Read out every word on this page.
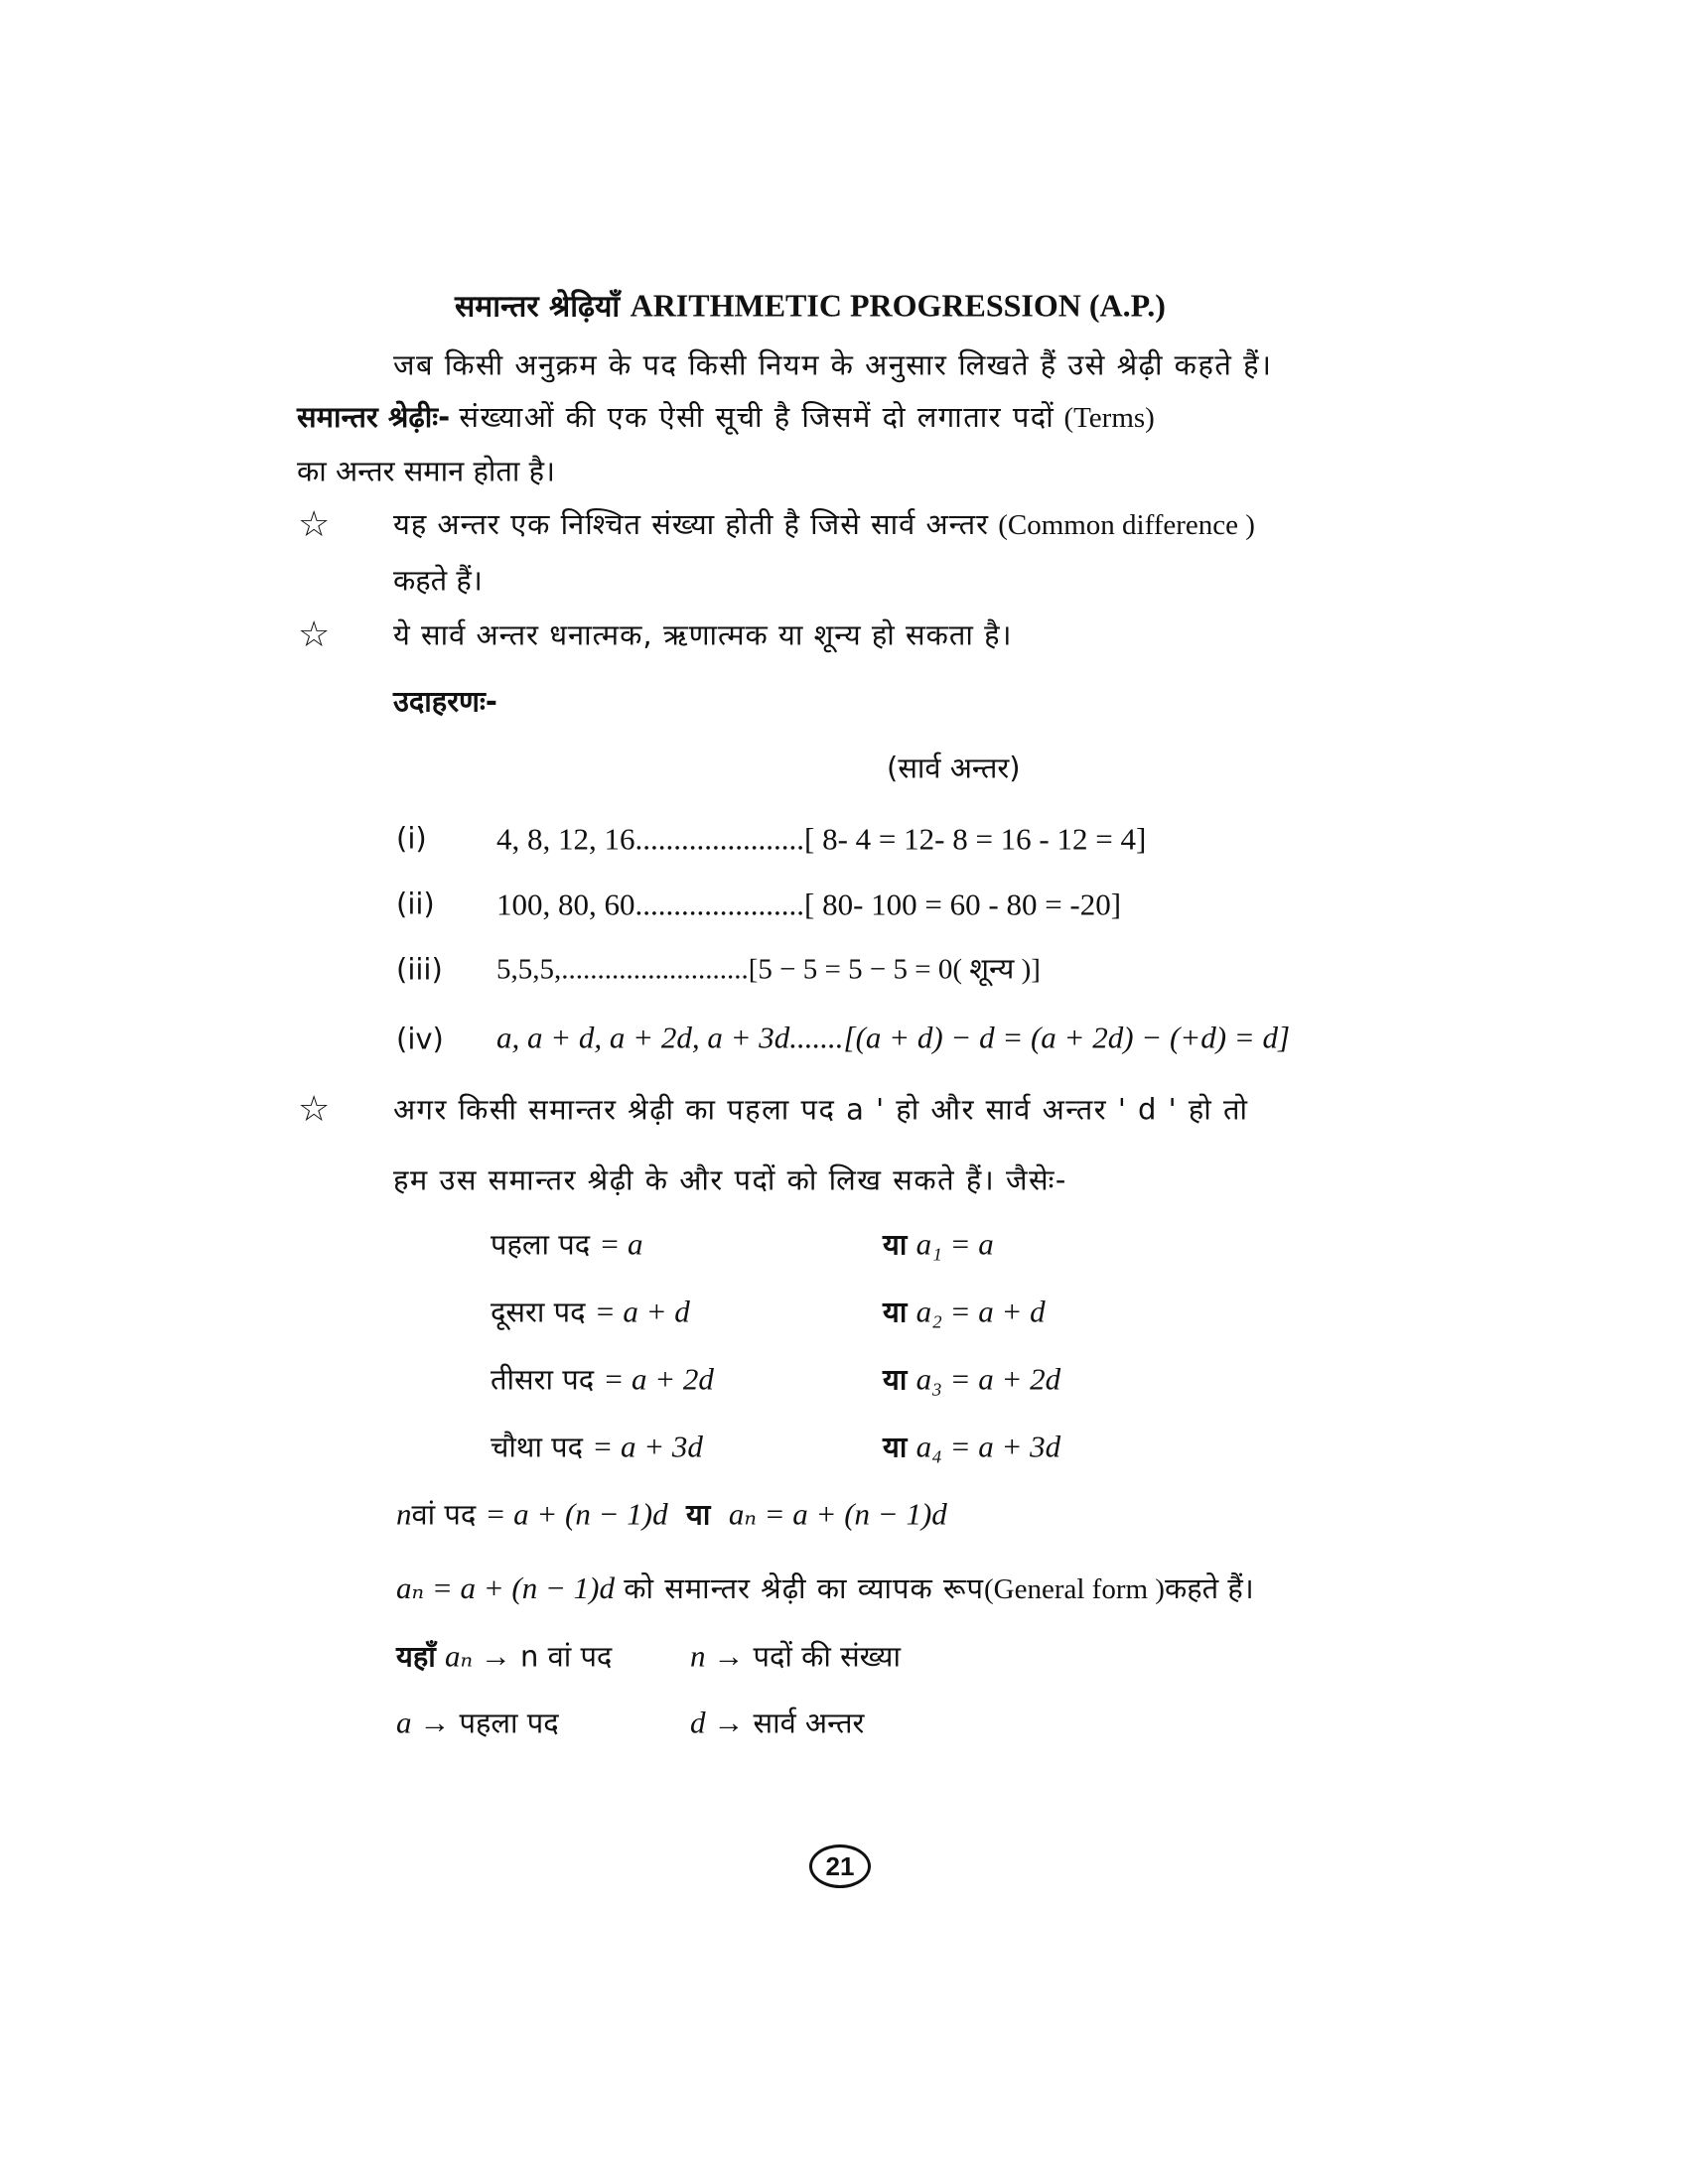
समान्तर श्रेढ़ियाँ ARITHMETIC PROGRESSION (A.P.)
जब किसी अनुक्रम के पद किसी नियम के अनुसार लिखते हैं उसे श्रेढ़ी कहते हैं।
समान्तर श्रेढ़ीः- संख्याओं की एक ऐसी सूची है जिसमें दो लगातार पदों (Terms)
का अन्तर समान होता है।
☆ यह अन्तर एक निश्चित संख्या होती है जिसे सार्व अन्तर (Common difference )
कहते हैं।
☆ ये सार्व अन्तर धनात्मक, ऋणात्मक या शून्य हो सकता है।
उदाहरणः-
(सार्व अन्तर)
(i) 4, 8, 12, 16......................[ 8- 4 = 12- 8 = 16 - 12 = 4]
(ii) 100, 80, 60......................[ 80- 100 = 60 - 80 = -20]
(iii) 5,5,5,..........................[5 − 5 = 5 − 5 = 0( शून्य )]
(iv) a, a + d, a + 2d, a + 3d.......[(a + d) − d = (a + 2d) − (+d) = d]
☆ अगर किसी समान्तर श्रेढ़ी का पहला पद a ' हो और सार्व अन्तर ' d ' हो तो
हम उस समान्तर श्रेढ़ी के और पदों को लिख सकते हैं। जैसेः-
पहला पद = a	या a₁ = a
दूसरा पद = a + d	या a₂ = a + d
तीसरा पद = a + 2d	या a₃ = a + 2d
चौथा पद = a + 3d	या a₄ = a + 3d
nवां पद = a + (n − 1)d या aₙ = a + (n − 1)d
aₙ = a + (n − 1)d को समान्तर श्रेढ़ी का व्यापक रूप(General form )कहते हैं।
यहाँ aₙ → n वां पद	n → पदों की संख्या
a → पहला पद	d → सार्व अन्तर
21
